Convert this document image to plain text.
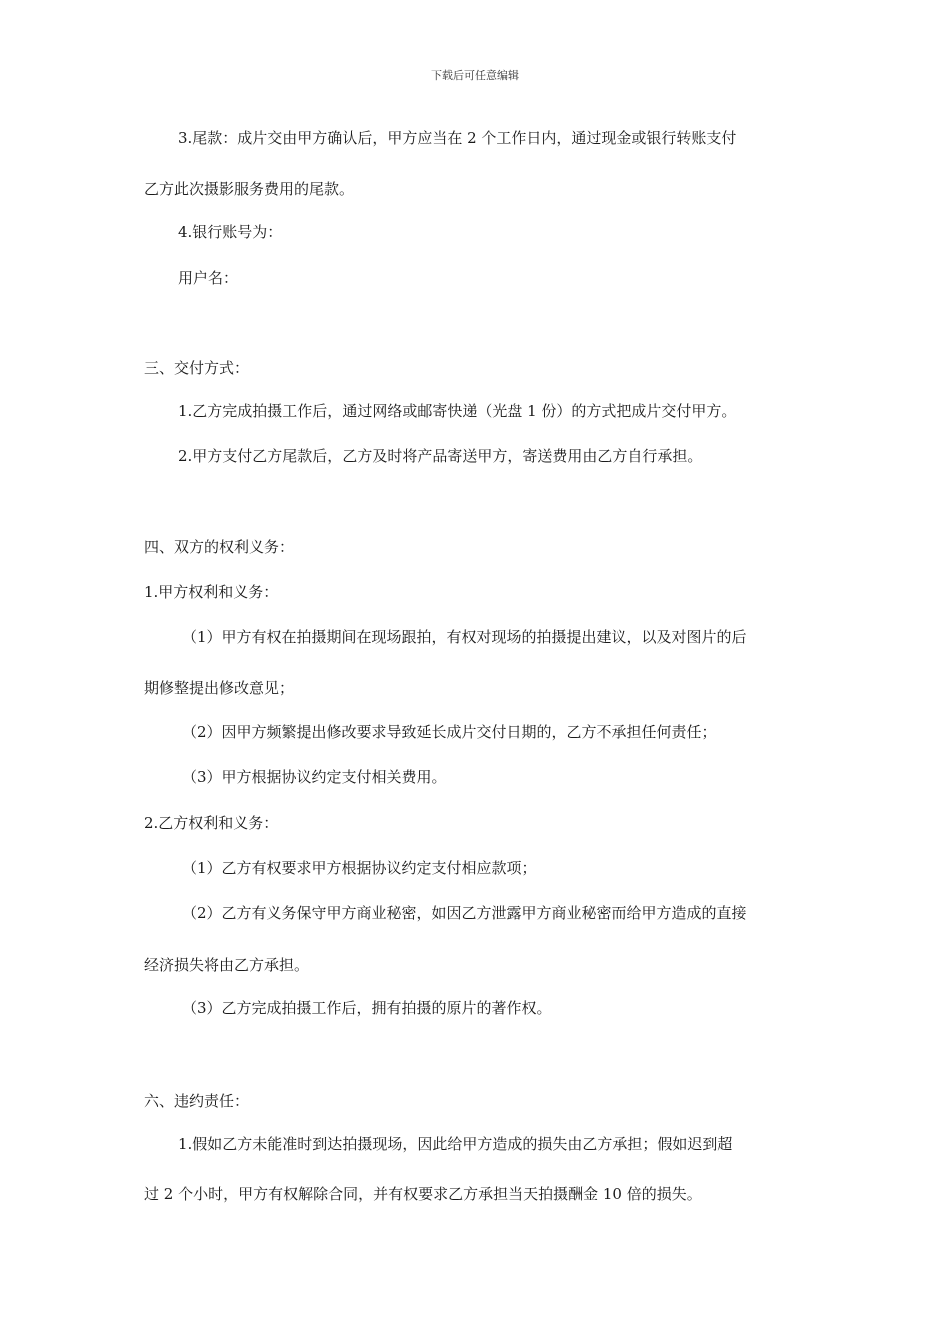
下载后可任意编辑
3.尾款：成片交由甲方确认后，甲方应当在 2 个工作日内，通过现金或银行转账支付
乙方此次摄影服务费用的尾款。
4.银行账号为：
用户名：
三、交付方式：
1.乙方完成拍摄工作后，通过网络或邮寄快递（光盘 1 份）的方式把成片交付甲方。
2.甲方支付乙方尾款后，乙方及时将产品寄送甲方，寄送费用由乙方自行承担。
四、双方的权利义务：
1.甲方权利和义务：
（1）甲方有权在拍摄期间在现场跟拍，有权对现场的拍摄提出建议，以及对图片的后
期修整提出修改意见；
（2）因甲方频繁提出修改要求导致延长成片交付日期的，乙方不承担任何责任；
（3）甲方根据协议约定支付相关费用。
2.乙方权利和义务：
（1）乙方有权要求甲方根据协议约定支付相应款项；
（2）乙方有义务保守甲方商业秘密，如因乙方泄露甲方商业秘密而给甲方造成的直接
经济损失将由乙方承担。
（3）乙方完成拍摄工作后，拥有拍摄的原片的著作权。
六、违约责任：
1.假如乙方未能准时到达拍摄现场，因此给甲方造成的损失由乙方承担；假如迟到超
过 2 个小时，甲方有权解除合同，并有权要求乙方承担当天拍摄酬金 10 倍的损失。
